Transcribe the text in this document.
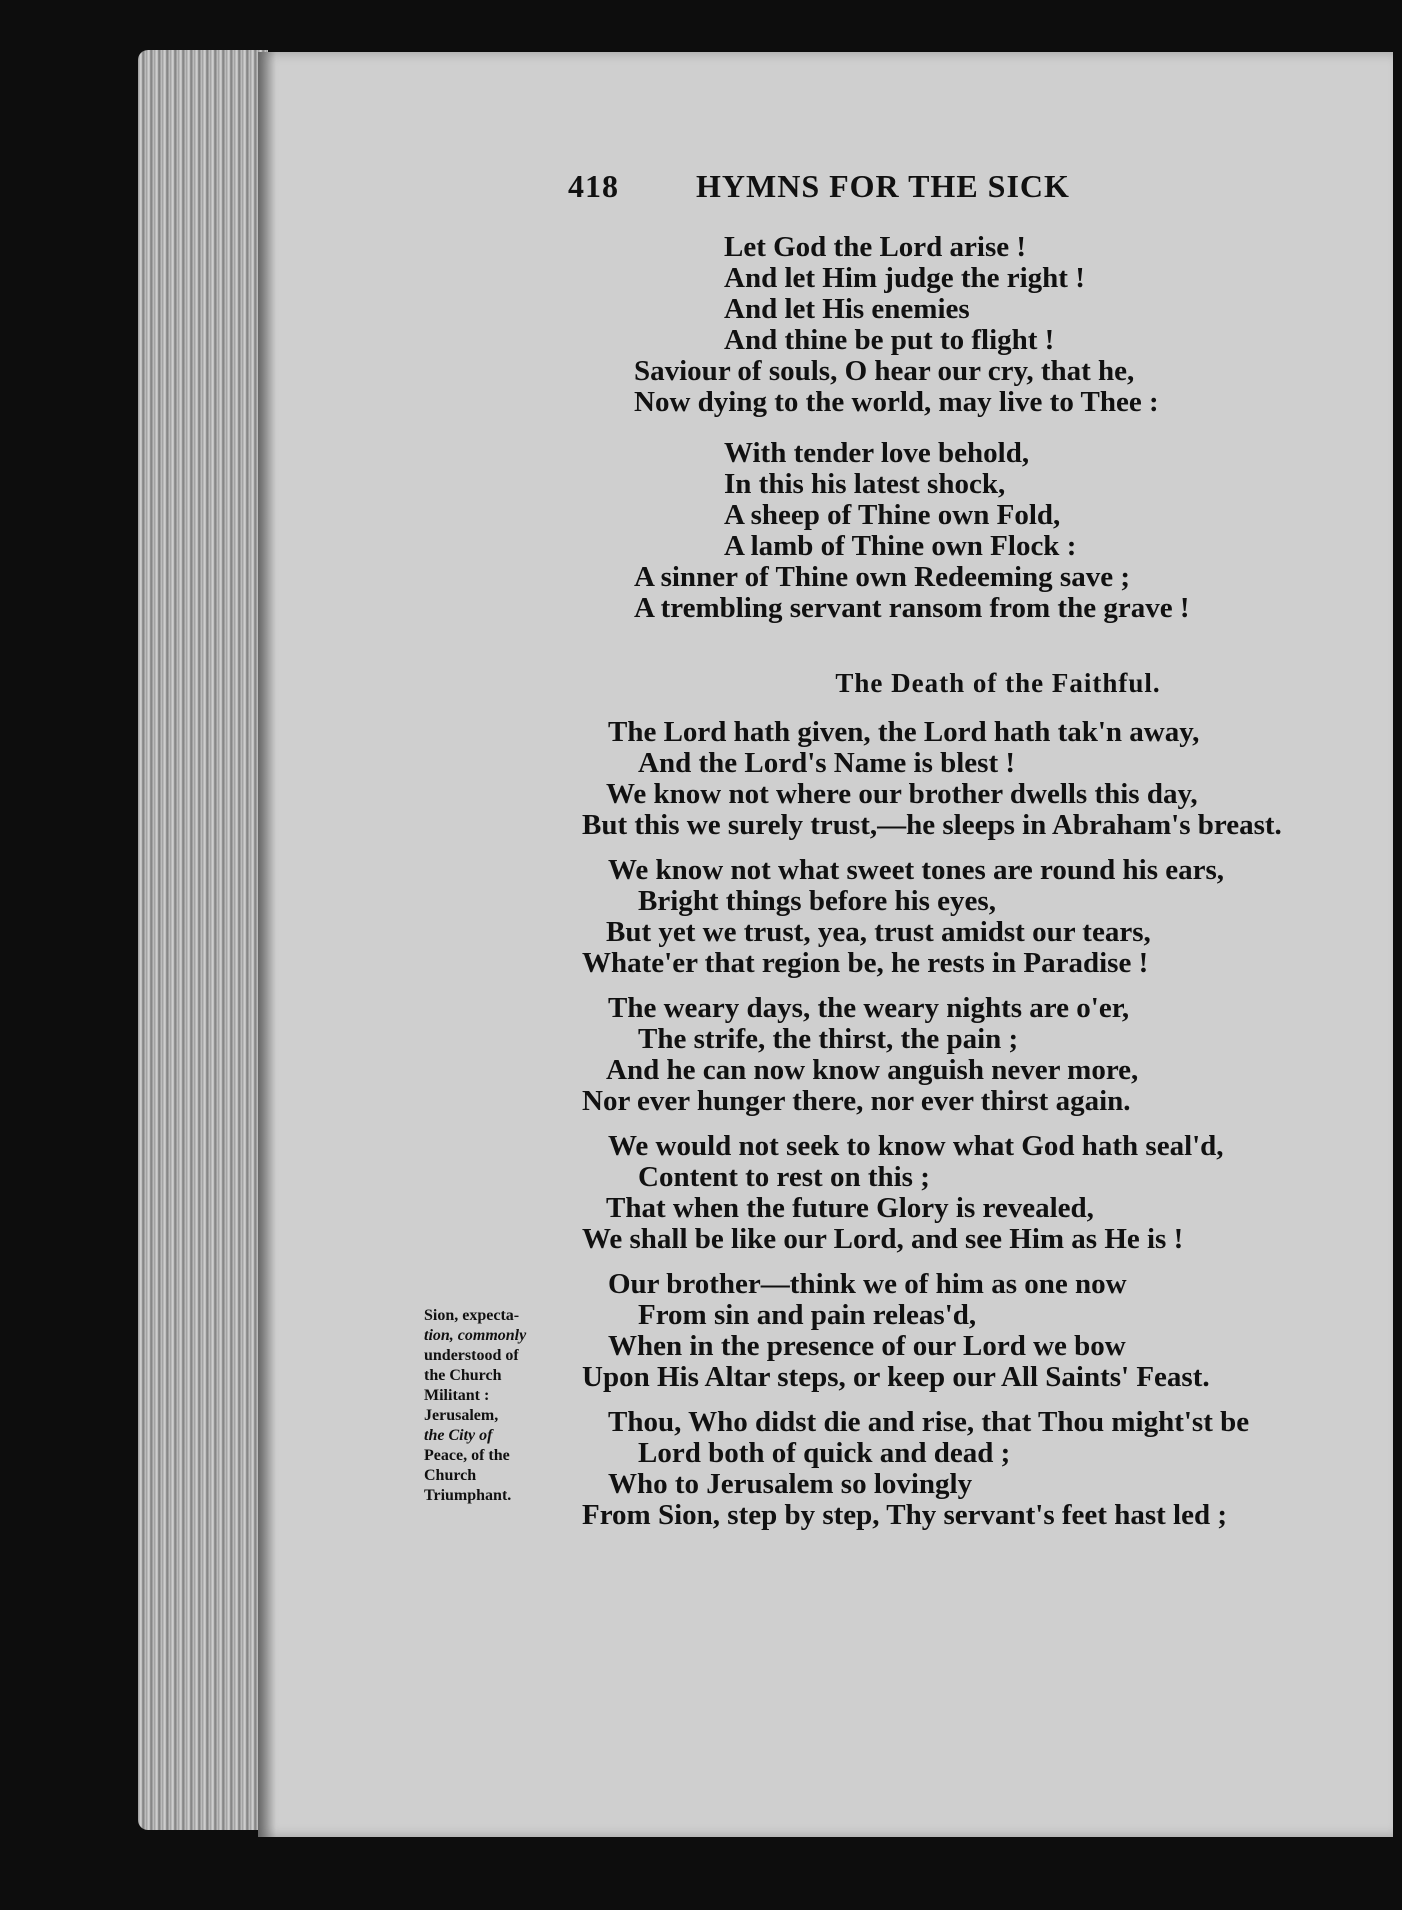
418 HYMNS FOR THE SICK
Let God the Lord arise !
And let Him judge the right !
And let His enemies
And thine be put to flight !
Saviour of souls, O hear our cry, that he,
Now dying to the world, may live to Thee :
With tender love behold,
In this his latest shock,
A sheep of Thine own Fold,
A lamb of Thine own Flock :
A sinner of Thine own Redeeming save ;
A trembling servant ransom from the grave !
The Death of the Faithful.
The Lord hath given, the Lord hath tak'n away,
And the Lord's Name is blest !
We know not where our brother dwells this day,
But this we surely trust,—he sleeps in Abraham's breast.
We know not what sweet tones are round his ears,
Bright things before his eyes,
But yet we trust, yea, trust amidst our tears,
Whate'er that region be, he rests in Paradise !
The weary days, the weary nights are o'er,
The strife, the thirst, the pain ;
And he can now know anguish never more,
Nor ever hunger there, nor ever thirst again.
We would not seek to know what God hath seal'd,
Content to rest on this ;
That when the future Glory is revealed,
We shall be like our Lord, and see Him as He is !
Our brother—think we of him as one now
From sin and pain releas'd,
When in the presence of our Lord we bow
Upon His Altar steps, or keep our All Saints' Feast.
Thou, Who didst die and rise, that Thou might'st be
Lord both of quick and dead ;
Who to Jerusalem so lovingly
From Sion, step by step, Thy servant's feet hast led ;
Sion, expecta-
tion, commonly
understood of
the Church
Militant :
Jerusalem,
the City of
Peace, of the
Church
Triumphant.
